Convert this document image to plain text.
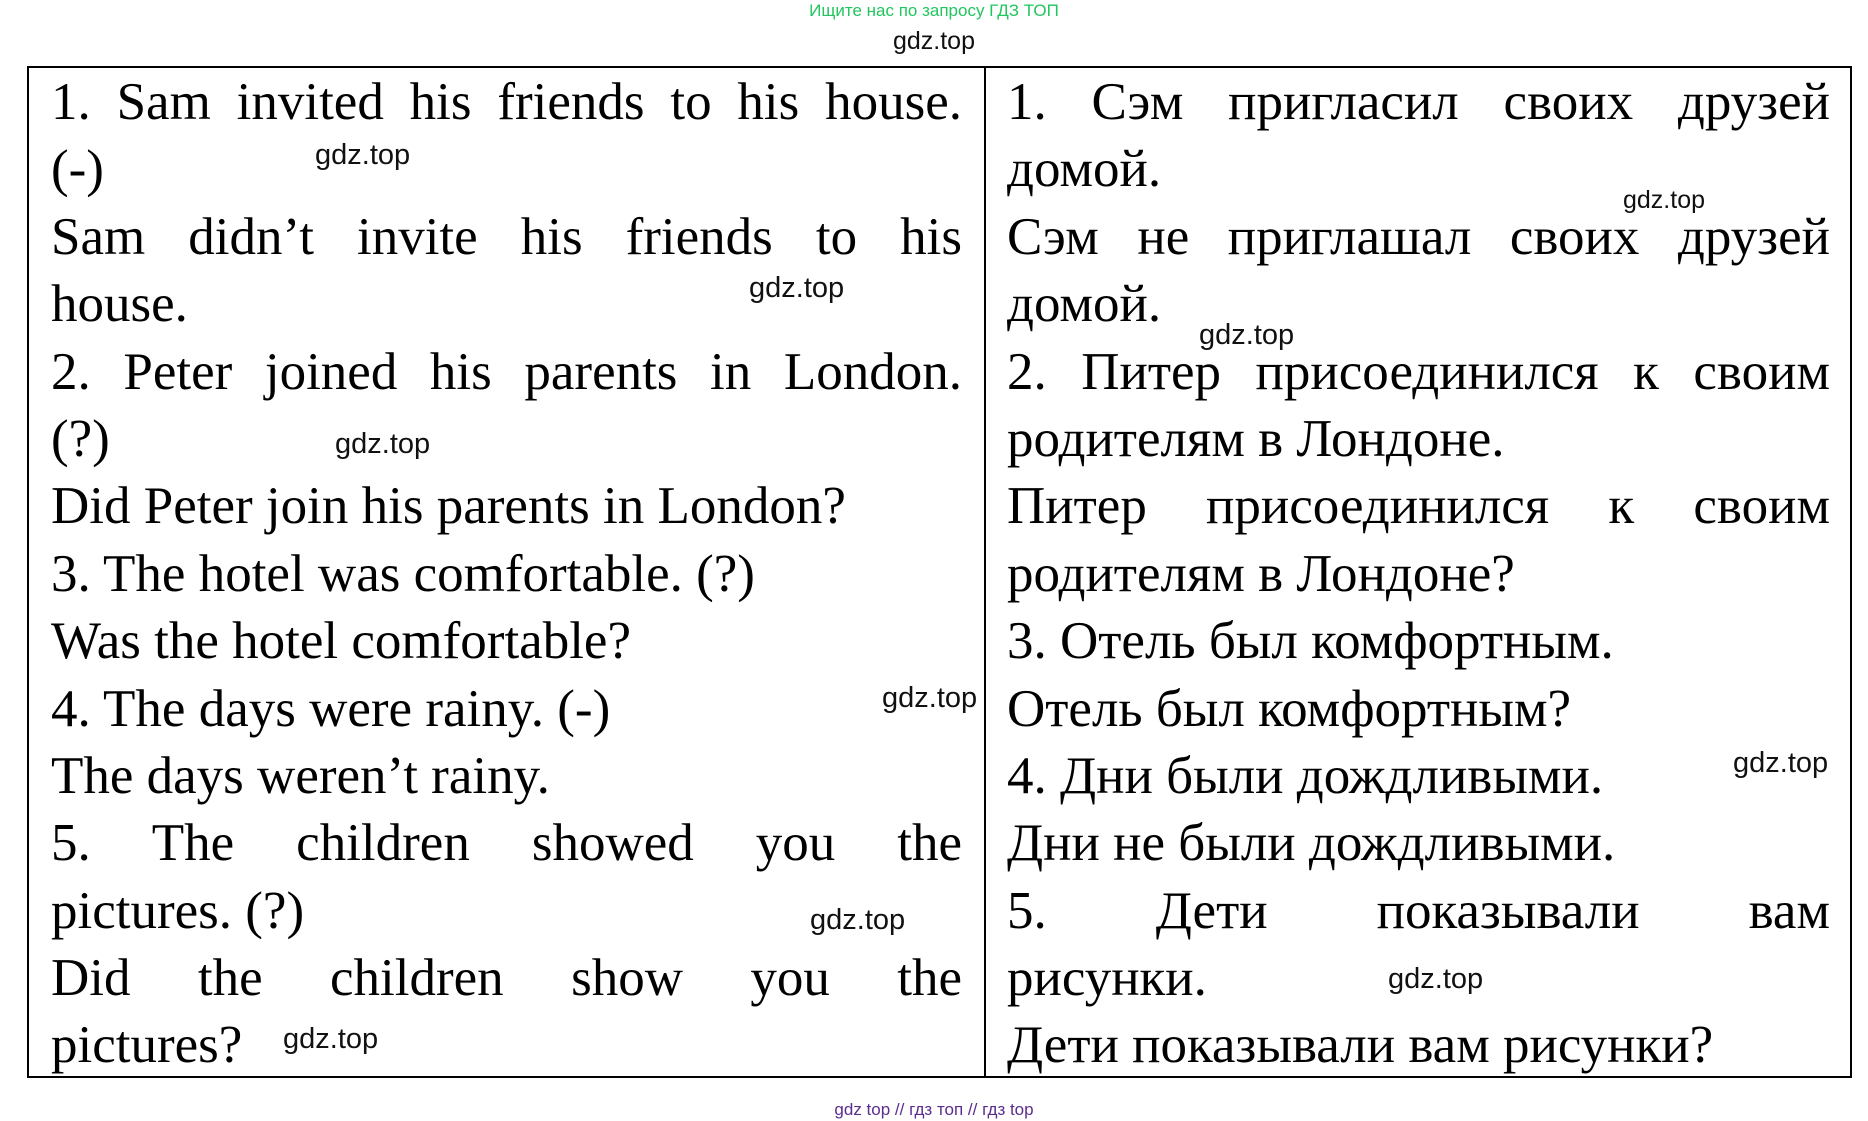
Ищите нас по запросу ГДЗ ТОП
gdz.top
1. Sam invited his friends to his house.
(-)
Sam didn’t invite his friends to his
house.
2. Peter joined his parents in London.
(?)
Did Peter join his parents in London?
3. The hotel was comfortable. (?)
Was the hotel comfortable?
4. The days were rainy. (-)
The days weren’t rainy.
5. The children showed you the
pictures. (?)
Did the children show you the
pictures?
1. Сэм пригласил своих друзей
домой.
Сэм не приглашал своих друзей
домой.
2. Питер присоединился к своим
родителям в Лондоне.
Питер присоединился к своим
родителям в Лондоне?
3. Отель был комфортным.
Отель был комфортным?
4. Дни были дождливыми.
Дни не были дождливыми.
5. Дети показывали вам
рисунки.
Дети показывали вам рисунки?
gdz.top
gdz.top
gdz.top
gdz.top
gdz.top
gdz.top
gdz.top
gdz.top
gdz.top
gdz.top
gdz top // гдз топ // гдз top
